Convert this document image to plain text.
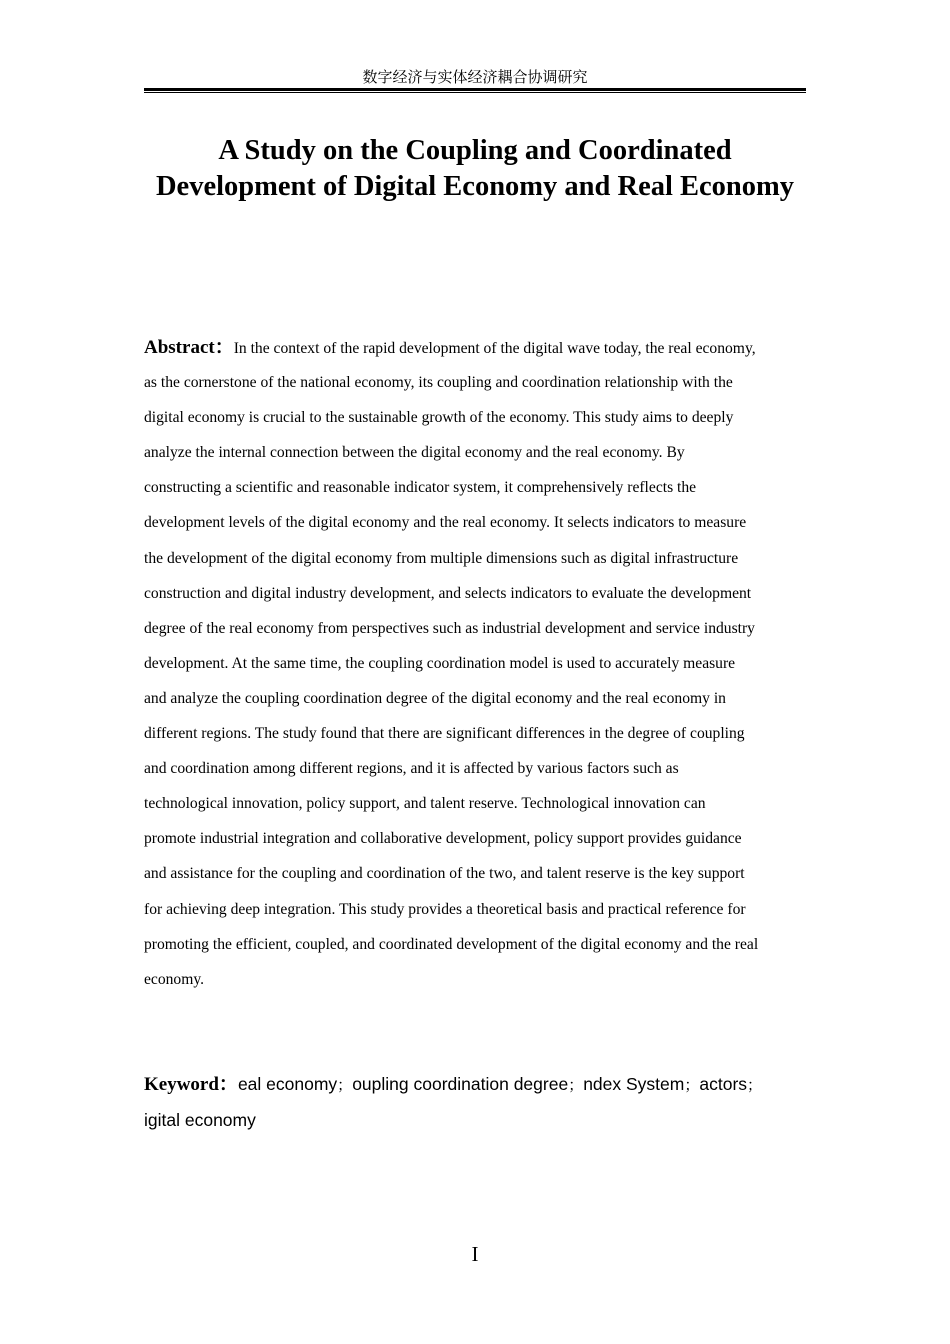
数字经济与实体经济耦合协调研究
A Study on the Coupling and Coordinated
Development of Digital Economy and Real Economy
Abstract：In the context of the rapid development of the digital wave today, the real economy,
as the cornerstone of the national economy, its coupling and coordination relationship with the
digital economy is crucial to the sustainable growth of the economy. This study aims to deeply
analyze the internal connection between the digital economy and the real economy. By
constructing a scientific and reasonable indicator system, it comprehensively reflects the
development levels of the digital economy and the real economy. It selects indicators to measure
the development of the digital economy from multiple dimensions such as digital infrastructure
construction and digital industry development, and selects indicators to evaluate the development
degree of the real economy from perspectives such as industrial development and service industry
development. At the same time, the coupling coordination model is used to accurately measure
and analyze the coupling coordination degree of the digital economy and the real economy in
different regions. The study found that there are significant differences in the degree of coupling
and coordination among different regions, and it is affected by various factors such as
technological innovation, policy support, and talent reserve. Technological innovation can
promote industrial integration and collaborative development, policy support provides guidance
and assistance for the coupling and coordination of the two, and talent reserve is the key support
for achieving deep integration. This study provides a theoretical basis and practical reference for
promoting the efficient, coupled, and coordinated development of the digital economy and the real
economy.
Keyword：eal economy；oupling coordination degree；ndex System；actors；
igital economy
I
